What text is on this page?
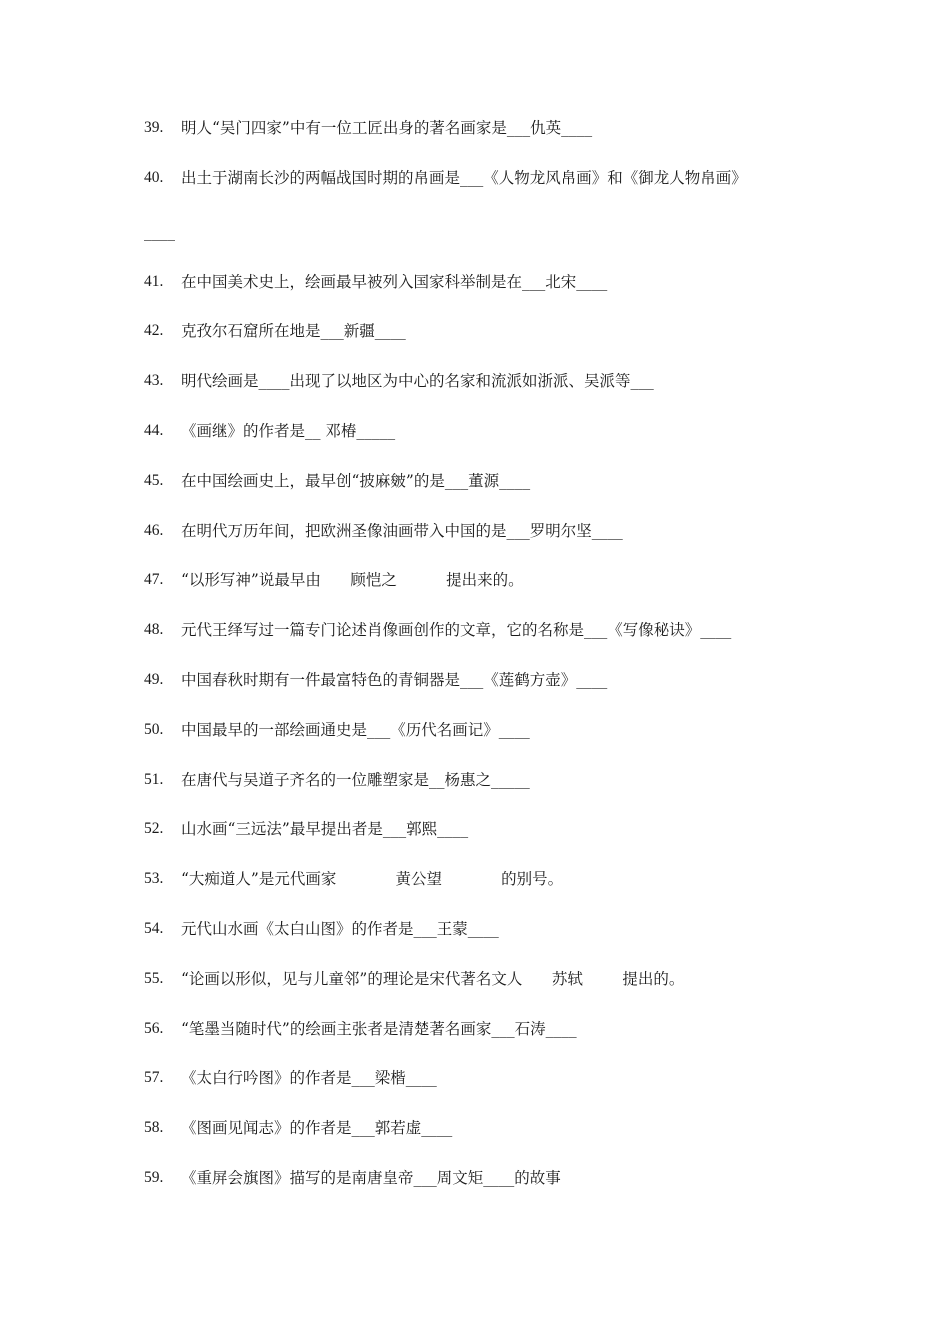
39.	明人“吴门四家”中有一位工匠出身的著名画家是___仇英____
40.	出土于湖南长沙的两幅战国时期的帛画是___《人物龙风帛画》和《御龙人物帛画》
____
41.	在中国美术史上，绘画最早被列入国家科举制是在___北宋____
42.	克孜尔石窟所在地是___新疆____
43.	明代绘画是____出现了以地区为中心的名家和流派如浙派、吴派等___
44.	《画继》的作者是__ 邓椿_____
45.	在中国绘画史上，最早创“披麻皴”的是___董源____
46.	在明代万历年间，把欧洲圣像油画带入中国的是___罗明尔坚____
47.	“以形写神”说最早由      顾恺之          提出来的。
48.	元代王绎写过一篇专门论述肖像画创作的文章，它的名称是___《写像秘诀》____
49.	中国春秋时期有一件最富特色的青铜器是___《莲鹤方壶》____
50.	中国最早的一部绘画通史是___《历代名画记》____
51.	在唐代与吴道子齐名的一位雕塑家是__杨惠之_____
52.	山水画“三远法”最早提出者是___郭熙____
53.	“大痴道人”是元代画家            黄公望            的别号。
54.	元代山水画《太白山图》的作者是___王蒙____
55.	“论画以形似，见与儿童邻”的理论是宋代著名文人      苏轼        提出的。
56.	“笔墨当随时代”的绘画主张者是清楚著名画家___石涛____
57.	《太白行吟图》的作者是___梁楷____
58.	《图画见闻志》的作者是___郭若虚____
59.	《重屏会旗图》描写的是南唐皇帝___周文矩____的故事
